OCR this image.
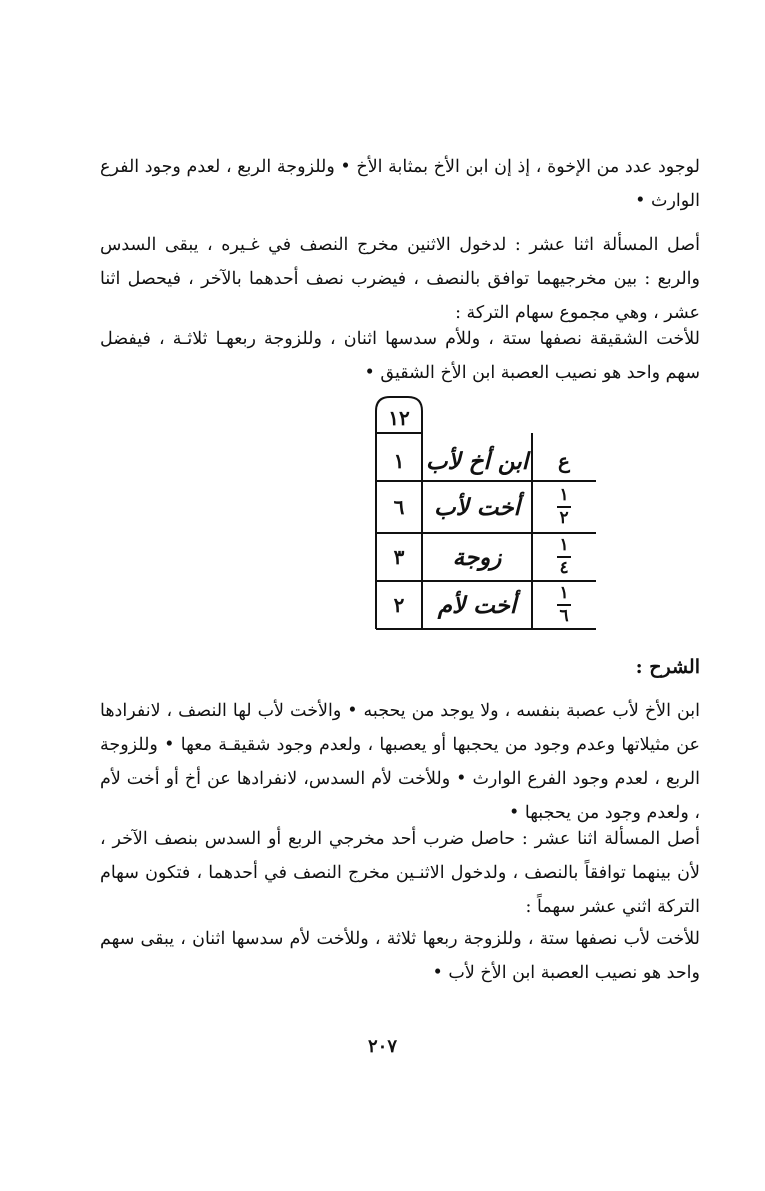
لوجود عدد من الإخوة ، إذ إن ابن الأخ بمثابة الأخ • وللزوجة الربع ، لعدم وجود الفرع الوارث •

أصل المسألة اثنا عشر : لدخول الاثنين مخرج النصف في غـيره ، يبقى السدس والربع : بين مخرجيهما توافق بالنصف ، فيضرب نصف أحدهما بالآخر ، فيحصل اثنا عشر ، وهي مجموع سهام التركة :

للأخت الشقيقة نصفها ستة ، وللأم سدسها اثنان ، وللزوجة ربعهـا ثلاثـة ، فيفضل سهم واحد هو نصيب العصبة ابن الأخ الشقيق •

١٢
ع
ابن أخ لأب
١
$\frac{١}{٢}$
أخت لأب
٦
$\frac{١}{٤}$
زوجة
٣
$\frac{١}{٦}$
أخت لأم
٢
الشرح :

ابن الأخ لأب عصبة بنفسه ، ولا يوجد من يحجبه • والأخت لأب لها النصف ، لانفرادها عن مثيلاتها وعدم وجود من يحجبها أو يعصبها ، ولعدم وجود شقيقـة معها • وللزوجة الربع ، لعدم وجود الفرع الوارث • وللأخت لأم السدس، لانفرادها عن أخ أو أخت لأم ، ولعدم وجود من يحجبها •

أصل المسألة اثنا عشر : حاصل ضرب أحد مخرجي الربع أو السدس بنصف الآخر ، لأن بينهما توافقاً بالنصف ، ولدخول الاثنـين مخرج النصف في أحدهما ، فتكون سهام التركة اثني عشر سهماً :

للأخت لأب نصفها ستة ، وللزوجة ربعها ثلاثة ، وللأخت لأم سدسها اثنان ، يبقى سهم واحد هو نصيب العصبة ابن الأخ لأب •

٢٠٧
